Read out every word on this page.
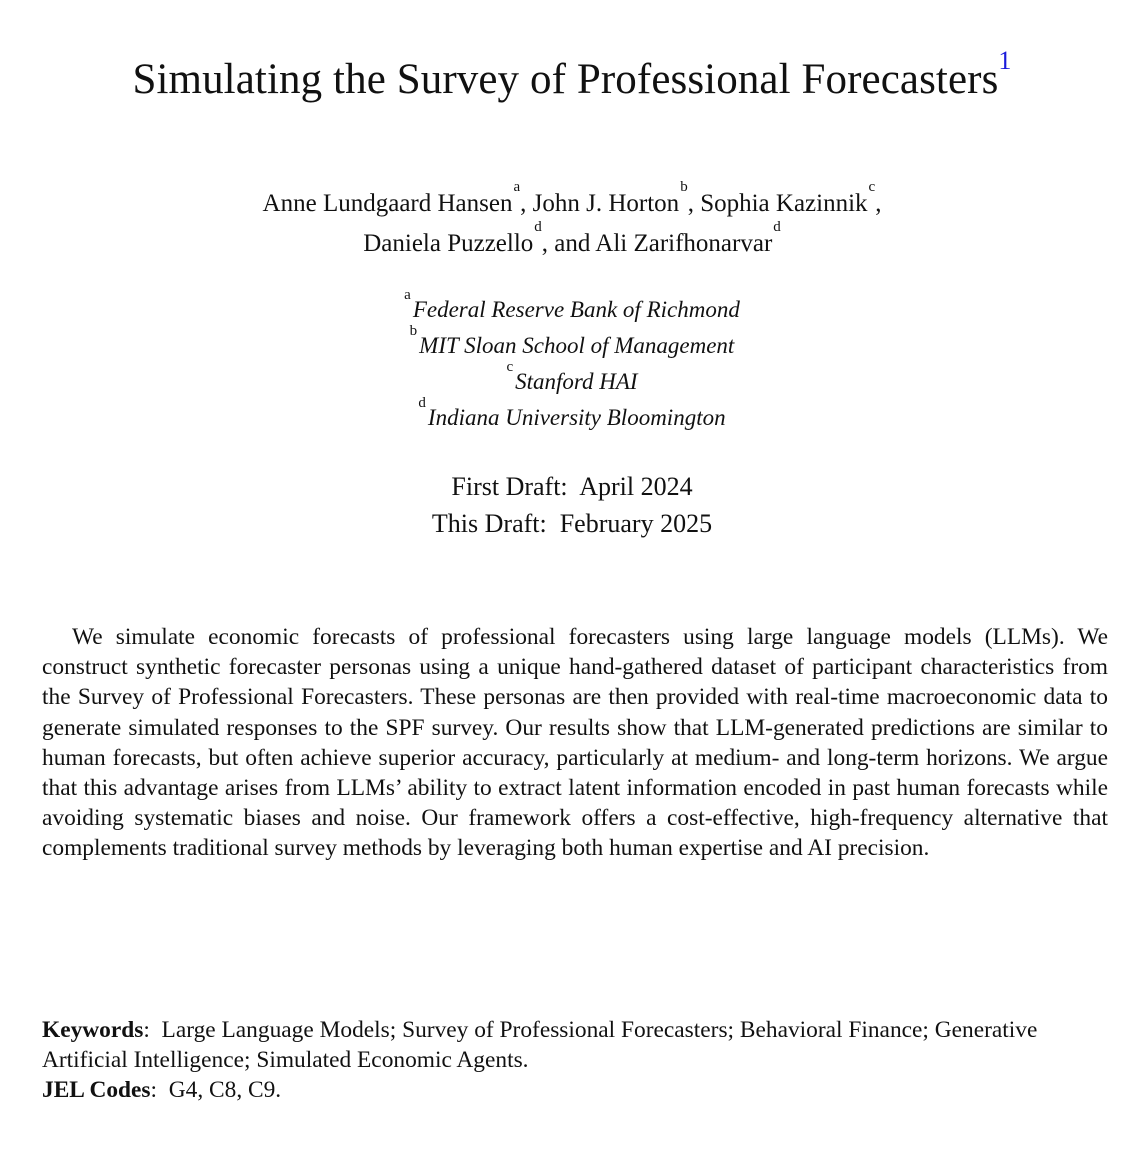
Simulating the Survey of Professional Forecasters$^1$
Anne Lundgaard Hansen$^a$, John J. Horton$^b$, Sophia Kazinnik$^c$,
Daniela Puzzello$^d$, and Ali Zarifhonarvar$^d$
$^a$Federal Reserve Bank of Richmond
$^b$MIT Sloan School of Management
$^c$Stanford HAI
$^d$Indiana University Bloomington
First Draft:  April 2024
This Draft:  February 2025
We simulate economic forecasts of professional forecasters using large language models (LLMs). We construct synthetic forecaster personas using a unique hand-gathered dataset of participant characteristics from the Survey of Professional Forecasters. These personas are then provided with real-time macroeconomic data to generate simulated responses to the SPF survey. Our results show that LLM-generated predictions are similar to human forecasts, but often achieve superior accuracy, particularly at medium- and long-term horizons. We argue that this advantage arises from LLMs’ ability to extract latent information encoded in past human forecasts while avoiding systematic biases and noise. Our framework offers a cost-effective, high-frequency alternative that complements traditional survey methods by leveraging both human expertise and AI precision.
Keywords:  Large Language Models; Survey of Professional Forecasters; Behavioral Finance; Generative Artificial Intelligence; Simulated Economic Agents.
JEL Codes:  G4, C8, C9.
